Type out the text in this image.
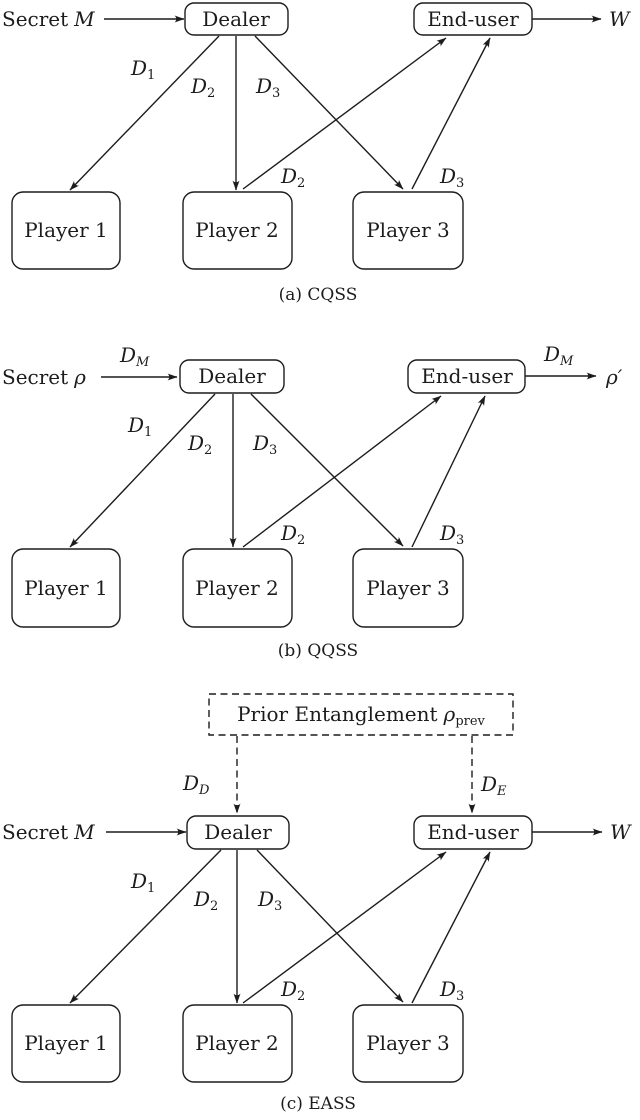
Secret M	Dealer	End-user	W
$D_1$ $D_2$ $D_3$
$D_2$	$D_3$
Player 1	Player 2	Player 3
(a) CQSS
Secret ρ
$D_M$
Dealer	End-user
$D_M$
ρ′
$D_1$ $D_2$ $D_3$
$D_2$	$D_3$
Player 1	Player 2	Player 3
(b) QQSS
Prior Entanglement $\rho_{prev}$
$D_D$	$D_E$
Secret M	Dealer	End-user	W
$D_1$ $D_2$ $D_3$
$D_2$	$D_3$
Player 1	Player 2	Player 3
(c) EASS
